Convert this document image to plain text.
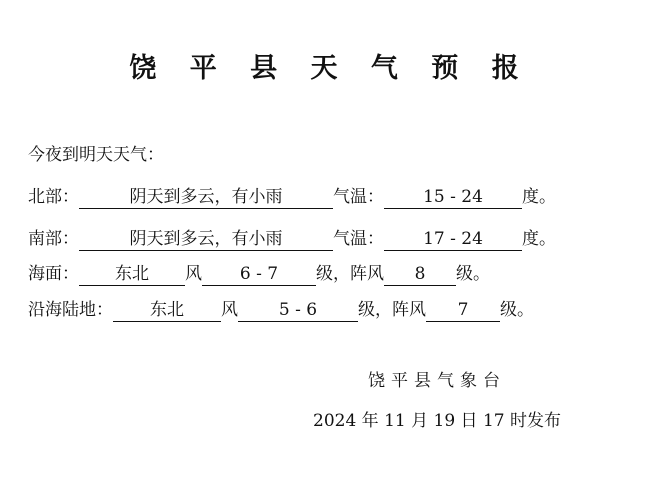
饶 平 县 天 气 预 报
今夜到明天天气：
北部：	阴天到多云，有小雨	气温： 15 - 24 度。
南部：	阴天到多云，有小雨	气温： 17 - 24 度。
海面： 东北 风 6 - 7 级，阵风 8 级。
沿海陆地： 东北 风 5 - 6 级，阵风 7 级。
饶平县气象台
2024 年 11 月 19 日 17 时发布
